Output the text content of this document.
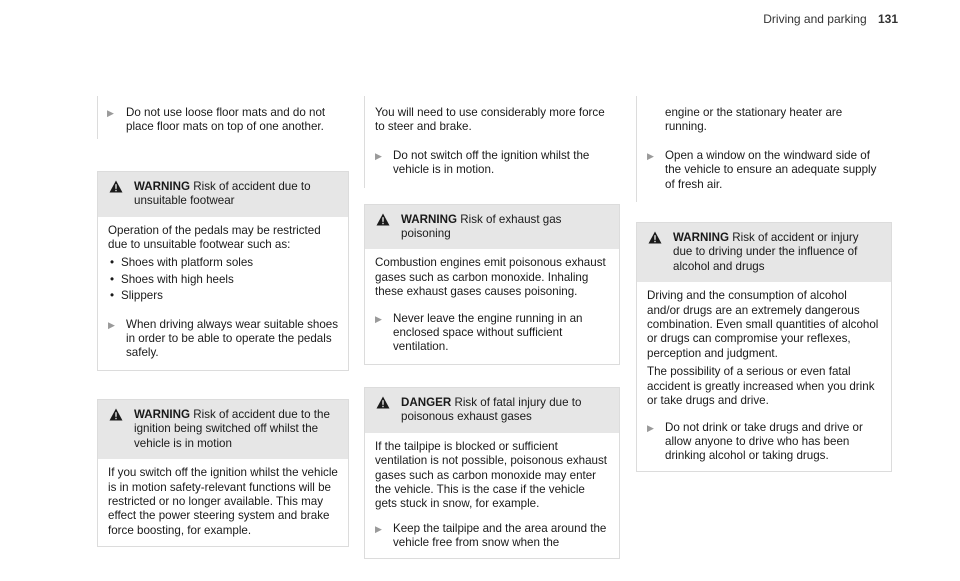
Driving and parking 131
▶ Do not use loose floor mats and do not place floor mats on top of one another.
WARNING Risk of accident due to unsuitable footwear

Operation of the pedals may be restricted due to unsuitable footwear such as:

• Shoes with platform soles
• Shoes with high heels
• Slippers
▶ When driving always wear suitable shoes in order to be able to operate the pedals safely.
WARNING Risk of accident due to the ignition being switched off whilst the vehicle is in motion

If you switch off the ignition whilst the vehicle is in motion safety-relevant functions will be restricted or no longer available. This may effect the power steering system and brake force boosting, for example.

You will need to use considerably more force to steer and brake.

▶ Do not switch off the ignition whilst the vehicle is in motion.
WARNING Risk of exhaust gas poisoning

Combustion engines emit poisonous exhaust gases such as carbon monoxide. Inhaling these exhaust gases causes poisoning.

▶ Never leave the engine running in an enclosed space without sufficient ventilation.
DANGER Risk of fatal injury due to poisonous exhaust gases

If the tailpipe is blocked or sufficient ventilation is not possible, poisonous exhaust gases such as carbon monoxide may enter the vehicle. This is the case if the vehicle gets stuck in snow, for example.

▶ Keep the tailpipe and the area around the vehicle free from snow when the

engine or the stationary heater are running.

▶ Open a window on the windward side of the vehicle to ensure an adequate supply of fresh air.
WARNING Risk of accident or injury due to driving under the influence of alcohol and drugs

Driving and the consumption of alcohol and/or drugs are an extremely dangerous combination. Even small quantities of alcohol or drugs can compromise your reflexes, perception and judgment.

The possibility of a serious or even fatal accident is greatly increased when you drink or take drugs and drive.

▶ Do not drink or take drugs and drive or allow anyone to drive who has been drinking alcohol or taking drugs.
